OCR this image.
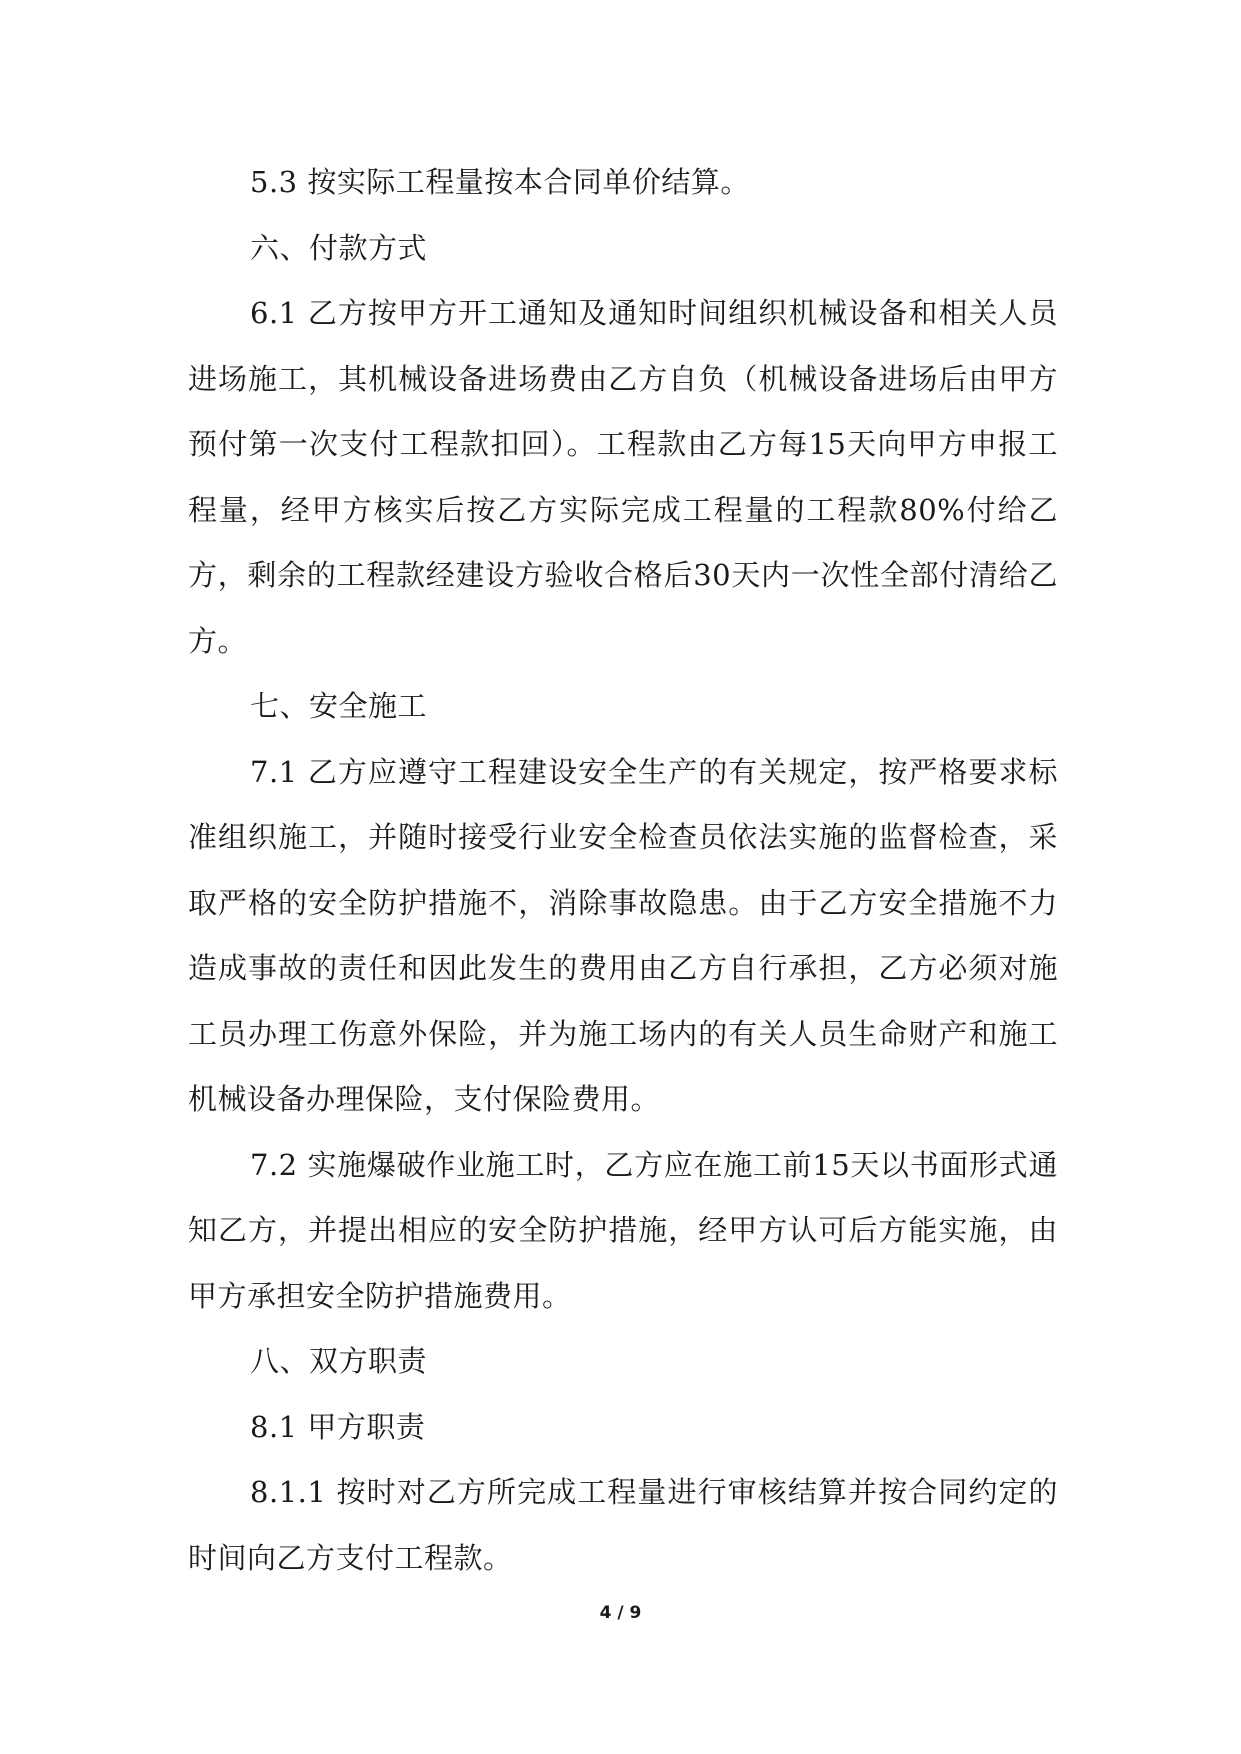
5.3 按实际工程量按本合同单价结算。

六、付款方式

6.1 乙方按甲方开工通知及通知时间组织机械设备和相关人员进场施工，其机械设备进场费由乙方自负（机械设备进场后由甲方预付第一次支付工程款扣回）。工程款由乙方每15天向甲方申报工程量，经甲方核实后按乙方实际完成工程量的工程款80%付给乙方，剩余的工程款经建设方验收合格后30天内一次性全部付清给乙方。

七、安全施工

7.1 乙方应遵守工程建设安全生产的有关规定，按严格要求标准组织施工，并随时接受行业安全检查员依法实施的监督检查，采取严格的安全防护措施不，消除事故隐患。由于乙方安全措施不力造成事故的责任和因此发生的费用由乙方自行承担，乙方必须对施工员办理工伤意外保险，并为施工场内的有关人员生命财产和施工机械设备办理保险，支付保险费用。

7.2 实施爆破作业施工时，乙方应在施工前15天以书面形式通知乙方，并提出相应的安全防护措施，经甲方认可后方能实施，由甲方承担安全防护措施费用。

八、双方职责

8.1 甲方职责

8.1.1 按时对乙方所完成工程量进行审核结算并按合同约定的时间向乙方支付工程款。

4 / 9
